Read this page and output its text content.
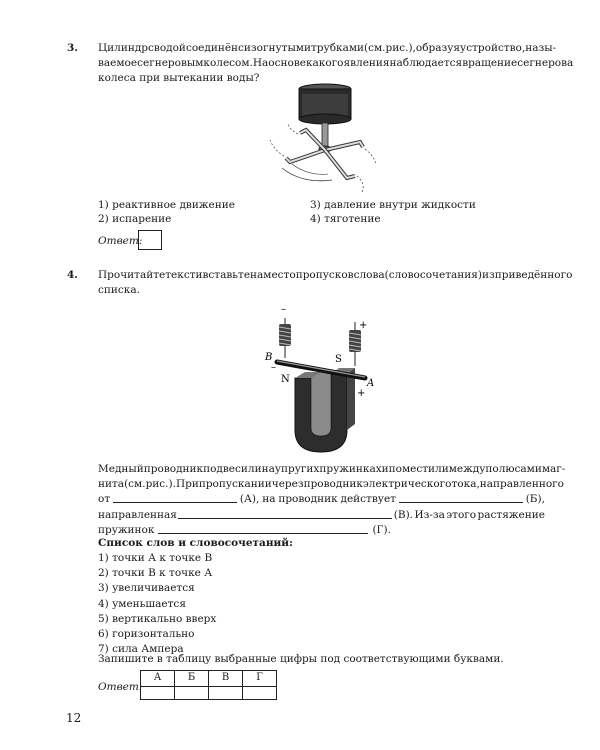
3. Цилиндр с водой соединён с изогнутыми трубками (см. рис.), образуя устройство, назы-
ваемое сегнеровым колесом. На основе какого явления наблюдается вращение сегнерова
колеса при вытекании воды?
1) реактивное движение
2) испарение
3) давление внутри жидкости
4) тяготение
Ответ:
4. Прочитайте текст и вставьте на место пропусков слова (словосочетания) из приведённого
списка.
–
+
B
–
N
S
A
+
Медный проводник подвесили на упругих пружинках и поместили между полюсами маг-
нита (см. рис.). При пропускании через проводник электрического тока, направленного
от	(А), на проводник действует	(Б),
направленная	(В). Из-за этого растяжение
пружинок	(Г).
Список слов и словосочетаний:
1) точки А к точке В
2) точки В к точке А
3) увеличивается
4) уменьшается
5) вертикально вверх
6) горизонтально
7) сила Ампера
Запишите в таблицу выбранные цифры под соответствующими буквами.
Ответ:
А	Б	В	Г

12
